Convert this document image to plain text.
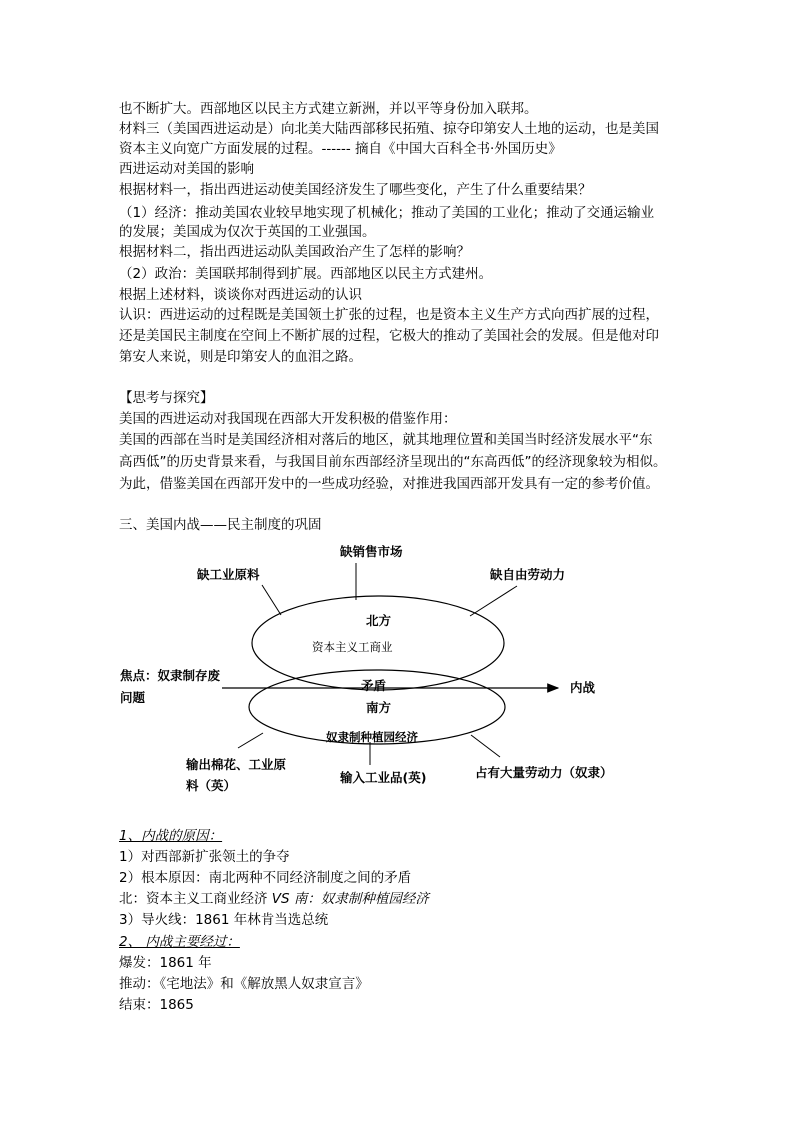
也不断扩大。西部地区以民主方式建立新洲，并以平等身份加入联邦。
材料三（美国西进运动是）向北美大陆西部移民拓殖、掠夺印第安人土地的运动，也是美国
资本主义向宽广方面发展的过程。------ 摘自《中国大百科全书·外国历史》
西进运动对美国的影响
根据材料一，指出西进运动使美国经济发生了哪些变化，产生了什么重要结果？
（1）经济：推动美国农业较早地实现了机械化；推动了美国的工业化；推动了交通运输业
的发展；美国成为仅次于英国的工业强国。
根据材料二，指出西进运动队美国政治产生了怎样的影响？
（2）政治：美国联邦制得到扩展。西部地区以民主方式建州。
根据上述材料，谈谈你对西进运动的认识
认识：西进运动的过程既是美国领土扩张的过程，也是资本主义生产方式向西扩展的过程，
还是美国民主制度在空间上不断扩展的过程，它极大的推动了美国社会的发展。但是他对印
第安人来说，则是印第安人的血泪之路。
【思考与探究】
美国的西进运动对我国现在西部大开发积极的借鉴作用：
美国的西部在当时是美国经济相对落后的地区，就其地理位置和美国当时经济发展水平“东
高西低”的历史背景来看，与我国目前东西部经济呈现出的“东高西低”的经济现象较为相似。
为此，借鉴美国在西部开发中的一些成功经验，对推进我国西部开发具有一定的参考价值。
三、美国内战——民主制度的巩固
缺销售市场
缺工业原料	缺自由劳动力
北方
资本主义工商业
焦点：奴隶制存废
问题
矛盾	内战
南方
奴隶制种植园经济
输出棉花、工业原
料（英）
输入工业品(英)	占有大量劳动力（奴隶）
1、内战的原因：
1）对西部新扩张领土的争夺
2）根本原因：南北两种不同经济制度之间的矛盾
北：资本主义工商业经济 VS 南：奴隶制种植园经济
3）导火线：1861 年林肯当选总统
2、 内战主要经过：
爆发：1861 年
推动：《宅地法》和《解放黑人奴隶宣言》
结束：1865
